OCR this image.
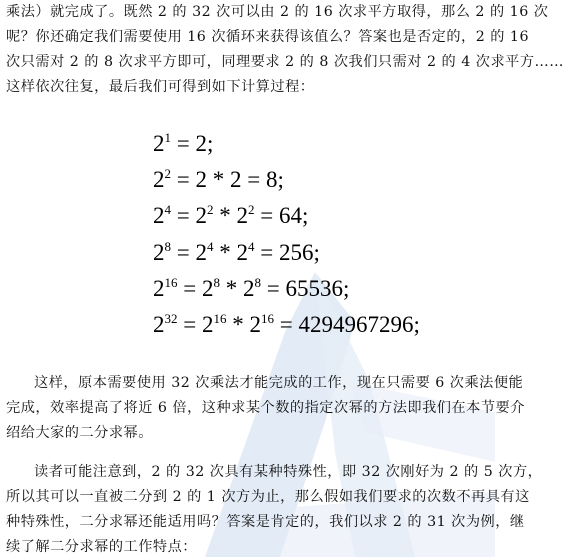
乘法）就完成了。既然 2 的 32 次可以由 2 的 16 次求平方取得，那么 2 的 16 次
呢？你还确定我们需要使用 16 次循环来获得该值么？答案也是否定的，2 的 16
次只需对 2 的 8 次求平方即可，同理要求 2 的 8 次我们只需对 2 的 4 次求平方……
这样依次往复，最后我们可得到如下计算过程：
$2^1 = 2$;
$2^2 = 2 * 2 = 8$;
$2^4 = 2^2 * 2^2 = 64$;
$2^8 = 2^4 * 2^4 = 256$;
$2^{16} = 2^8 * 2^8 = 65536$;
$2^{32} = 2^{16} * 2^{16} = 4294967296$;
这样，原本需要使用 32 次乘法才能完成的工作，现在只需要 6 次乘法便能
完成，效率提高了将近 6 倍，这种求某个数的指定次幂的方法即我们在本节要介
绍给大家的二分求幂。
读者可能注意到，2 的 32 次具有某种特殊性，即 32 次刚好为 2 的 5 次方，
所以其可以一直被二分到 2 的 1 次方为止，那么假如我们要求的次数不再具有这
种特殊性，二分求幂还能适用吗？答案是肯定的，我们以求 2 的 31 次为例，继
续了解二分求幂的工作特点：
